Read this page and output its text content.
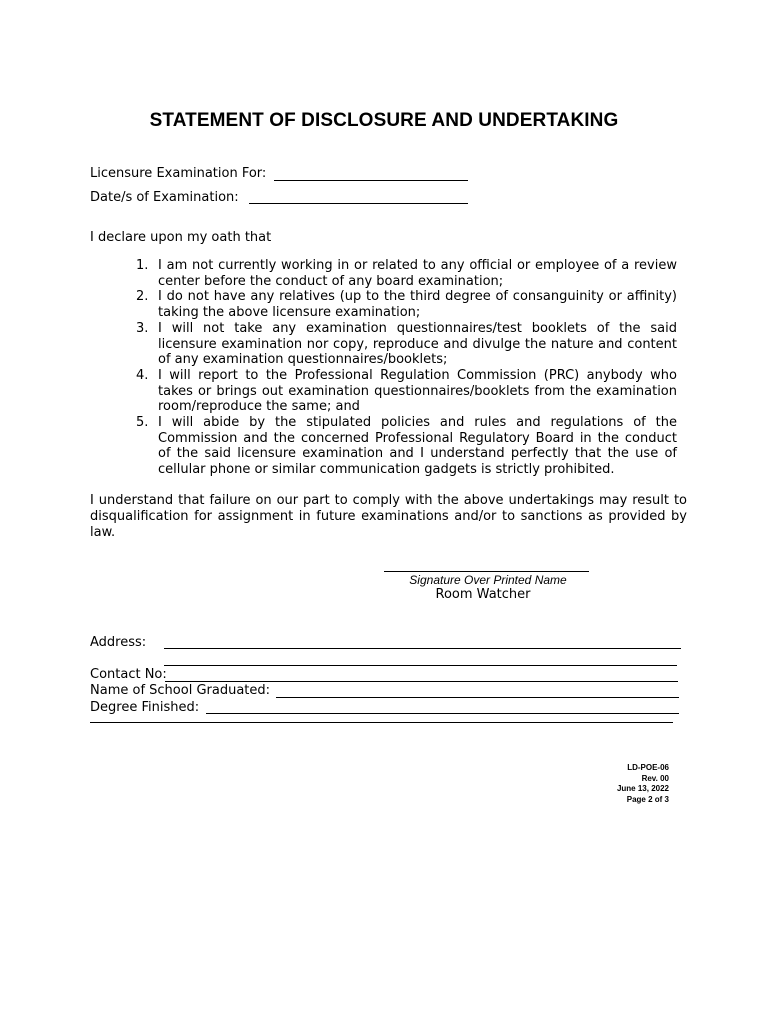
STATEMENT OF DISCLOSURE AND UNDERTAKING
Licensure Examination For:
Date/s of Examination:
I declare upon my oath that
1. I am not currently working in or related to any official or employee of a review center before the conduct of any board examination;
2. I do not have any relatives (up to the third degree of consanguinity or affinity) taking the above licensure examination;
3. I will not take any examination questionnaires/test booklets of the said licensure examination nor copy, reproduce and divulge the nature and content of any examination questionnaires/booklets;
4. I will report to the Professional Regulation Commission (PRC) anybody who takes or brings out examination questionnaires/booklets from the examination room/reproduce the same; and
5. I will abide by the stipulated policies and rules and regulations of the Commission and the concerned Professional Regulatory Board in the conduct of the said licensure examination and I understand perfectly that the use of cellular phone or similar communication gadgets is strictly prohibited.
I understand that failure on our part to comply with the above undertakings may result to disqualification for assignment in future examinations and/or to sanctions as provided by law.
Signature Over Printed Name
Room Watcher
Address:
Contact No:
Name of School Graduated:
Degree Finished:
LD-POE-06
Rev. 00
June 13, 2022
Page 2 of 3
